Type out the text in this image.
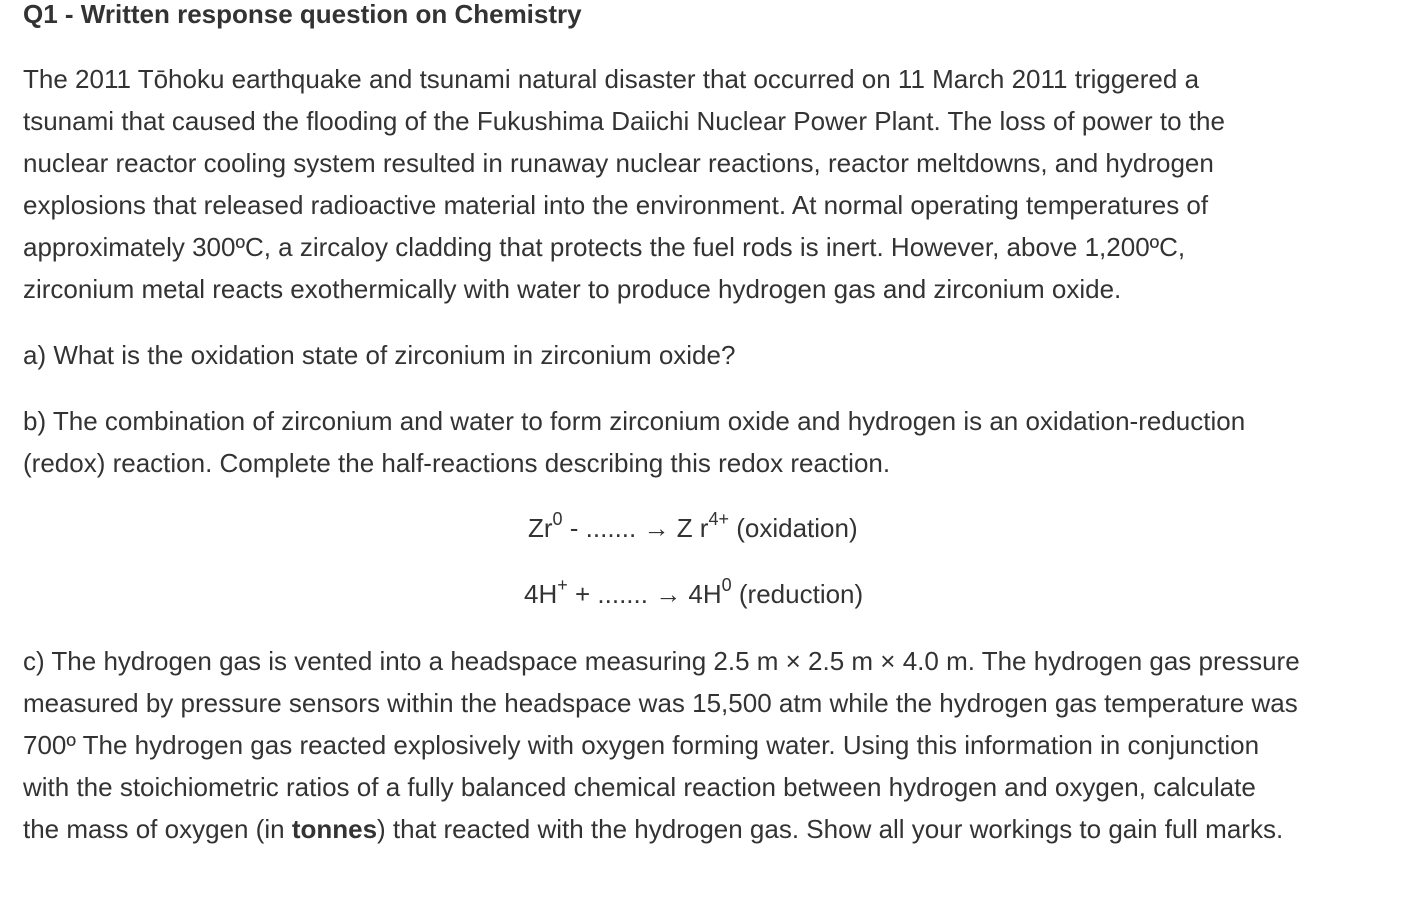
Q1 - Written response question on Chemistry

The 2011 Tōhoku earthquake and tsunami natural disaster that occurred on 11 March 2011 triggered a
tsunami that caused the flooding of the Fukushima Daiichi Nuclear Power Plant. The loss of power to the
nuclear reactor cooling system resulted in runaway nuclear reactions, reactor meltdowns, and hydrogen
explosions that released radioactive material into the environment. At normal operating temperatures of
approximately 300ºC, a zircaloy cladding that protects the fuel rods is inert. However, above 1,200ºC,
zirconium metal reacts exothermically with water to produce hydrogen gas and zirconium oxide.

a) What is the oxidation state of zirconium in zirconium oxide?

b) The combination of zirconium and water to form zirconium oxide and hydrogen is an oxidation-reduction
(redox) reaction. Complete the half-reactions describing this redox reaction.

Zr$^0$ - ....... → Z $r^{4+}$ (oxidation)
4H+ + ....... → $4H^0$ (reduction)

c) The hydrogen gas is vented into a headspace measuring 2.5 m × 2.5 m × 4.0 m. The hydrogen gas pressure
measured by pressure sensors within the headspace was 15,500 atm while the hydrogen gas temperature was
700º The hydrogen gas reacted explosively with oxygen forming water. Using this information in conjunction
with the stoichiometric ratios of a fully balanced chemical reaction between hydrogen and oxygen, calculate
the mass of oxygen (in tonnes) that reacted with the hydrogen gas. Show all your workings to gain full marks.
